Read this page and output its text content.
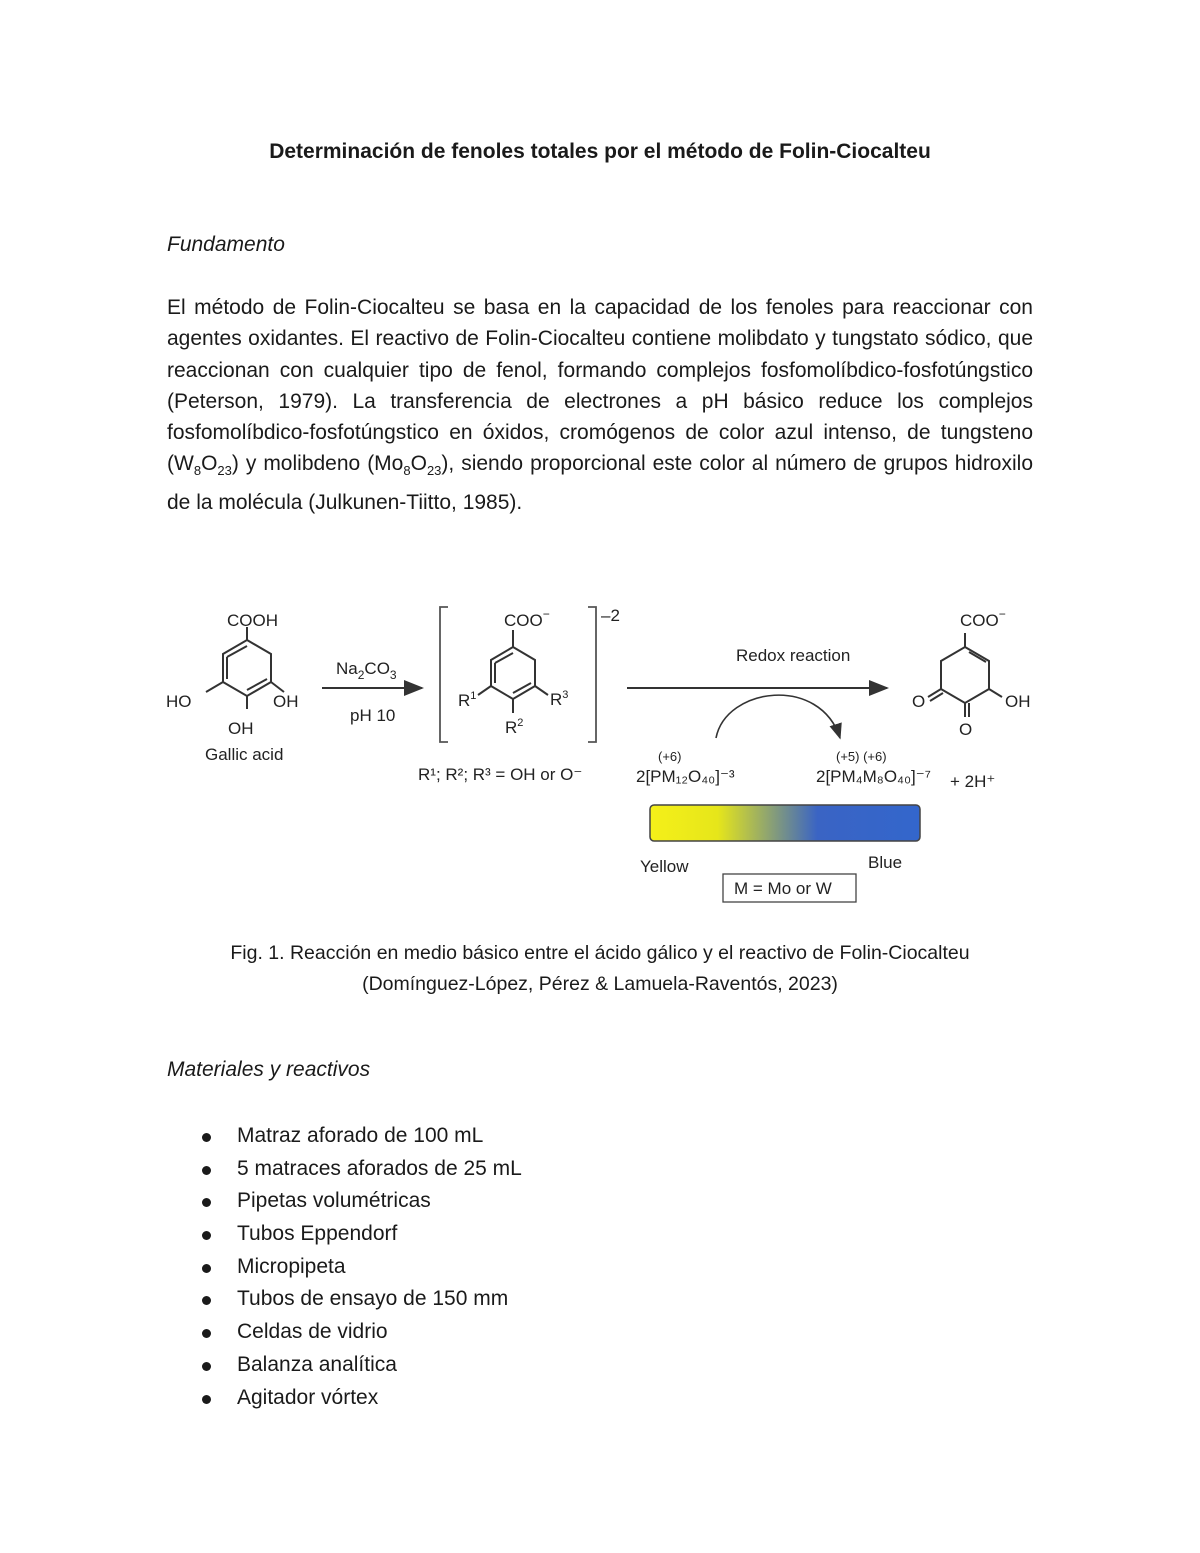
Determinación de fenoles totales por el método de Folin-Ciocalteu
Fundamento
El método de Folin-Ciocalteu se basa en la capacidad de los fenoles para reaccionar con agentes oxidantes. El reactivo de Folin-Ciocalteu contiene molibdato y tungstato sódico, que reaccionan con cualquier tipo de fenol, formando complejos fosfomolíbdico-fosfotúngstico (Peterson, 1979). La transferencia de electrones a pH básico reduce los complejos fosfomolíbdico-fosfotúngstico en óxidos, cromógenos de color azul intenso, de tungsteno $(W_8O_{23})$ y molibdeno $(Mo_8O_{23})$, siendo proporcional este color al número de grupos hidroxilo de la molécula (Julkunen-Tiitto, 1985).
COOH
HO	OH
OH
Gallic acid
$Na_2CO_3$
pH 10
–2
COO−
$R^1$	$R^3$
$R^2$
R¹; R²; R³ = OH or O⁻
Redox reaction
COO−
O	OH
O
(+6)
2[PM₁₂O₄₀]⁻³
(+5) (+6)
2[PM₄M₈O₄₀]⁻⁷ + 2H⁺
Yellow	Blue
M = Mo or W
Fig. 1. Reacción en medio básico entre el ácido gálico y el reactivo de Folin-Ciocalteu
(Domínguez-López, Pérez & Lamuela-Raventós, 2023)
Materiales y reactivos
Matraz aforado de 100 mL
5 matraces aforados de 25 mL
Pipetas volumétricas
Tubos Eppendorf
Micropipeta
Tubos de ensayo de 150 mm
Celdas de vidrio
Balanza analítica
Agitador vórtex
